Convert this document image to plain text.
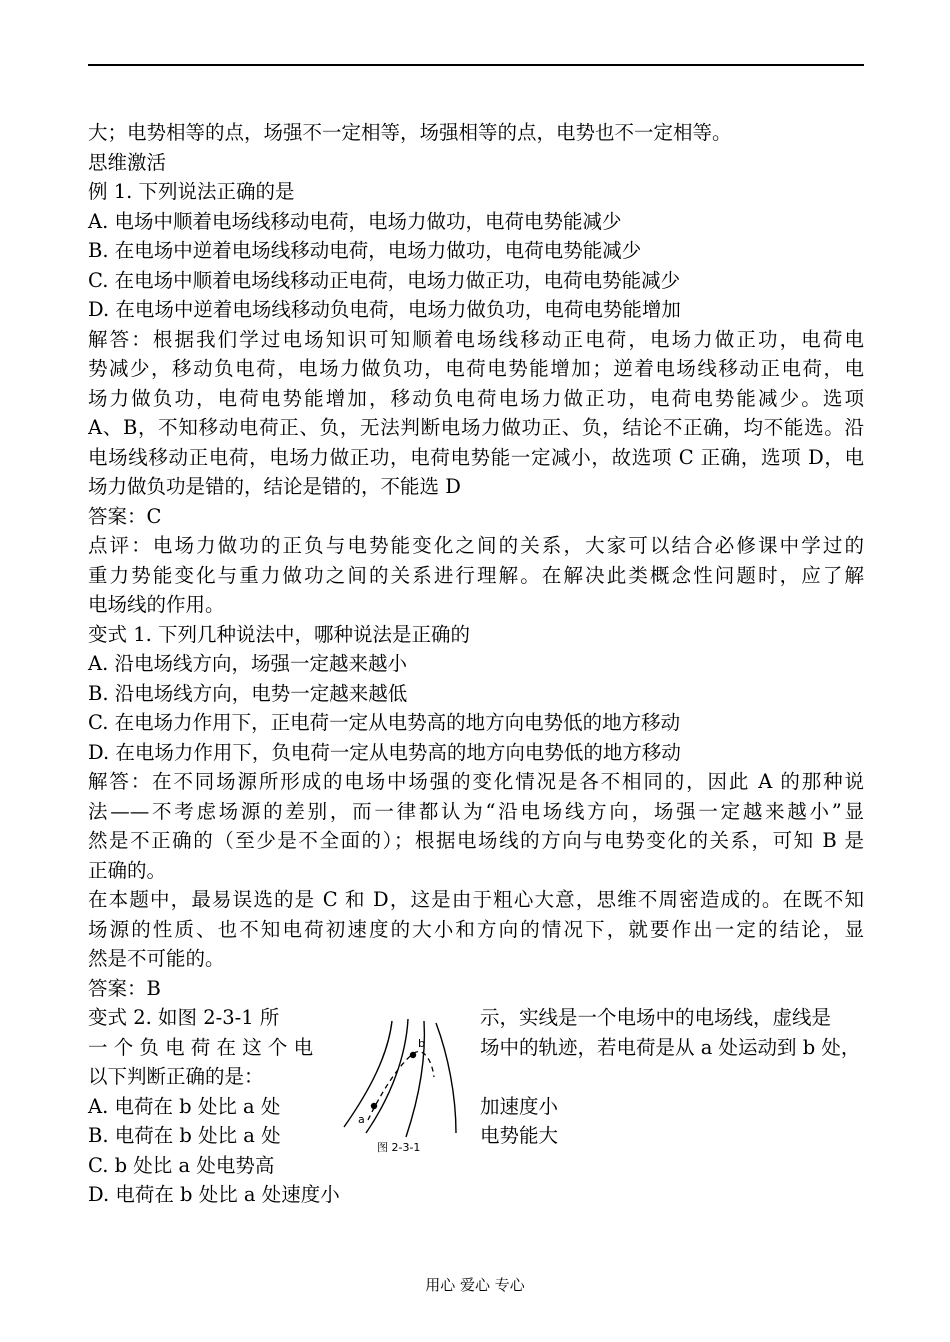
大；电势相等的点，场强不一定相等，场强相等的点，电势也不一定相等。
思维激活
例 1. 下列说法正确的是
A. 电场中顺着电场线移动电荷，电场力做功，电荷电势能减少
B. 在电场中逆着电场线移动电荷，电场力做功，电荷电势能减少
C. 在电场中顺着电场线移动正电荷，电场力做正功，电荷电势能减少
D. 在电场中逆着电场线移动负电荷，电场力做负功，电荷电势能增加
解答：根据我们学过电场知识可知顺着电场线移动正电荷，电场力做正功，电荷电
势减少，移动负电荷，电场力做负功，电荷电势能增加；逆着电场线移动正电荷，电
场力做负功，电荷电势能增加，移动负电荷电场力做正功，电荷电势能减少。选项
A、B，不知移动电荷正、负，无法判断电场力做功正、负，结论不正确，均不能选。沿
电场线移动正电荷，电场力做正功，电荷电势能一定减小，故选项 C 正确，选项 D，电
场力做负功是错的，结论是错的，不能选 D
答案：C
点评：电场力做功的正负与电势能变化之间的关系，大家可以结合必修课中学过的
重力势能变化与重力做功之间的关系进行理解。在解决此类概念性问题时，应了解
电场线的作用。
变式 1. 下列几种说法中，哪种说法是正确的
A. 沿电场线方向，场强一定越来越小
B. 沿电场线方向，电势一定越来越低
C. 在电场力作用下，正电荷一定从电势高的地方向电势低的地方移动
D. 在电场力作用下，负电荷一定从电势高的地方向电势低的地方移动
解答：在不同场源所形成的电场中场强的变化情况是各不相同的，因此 A 的那种说
法——不考虑场源的差别，而一律都认为“沿电场线方向，场强一定越来越小”显
然是不正确的（至少是不全面的）；根据电场线的方向与电势变化的关系，可知 B 是
正确的。
在本题中，最易误选的是 C 和 D，这是由于粗心大意，思维不周密造成的。在既不知
场源的性质、也不知电荷初速度的大小和方向的情况下，就要作出一定的结论，显
然是不可能的。
答案：B
变式 2. 如图 2-3-1 所	示，实线是一个电场中的电场线，虚线是
一 个 负 电 荷 在 这 个 电	场中的轨迹，若电荷是从 a 处运动到 b 处，
以下判断正确的是：
A. 电荷在 b 处比 a 处	加速度小
B. 电荷在 b 处比 a 处	电势能大
C. b 处比 a 处电势高
D. 电荷在 b 处比 a 处速度小
a
b
图 2-3-1
用心 爱心 专心
